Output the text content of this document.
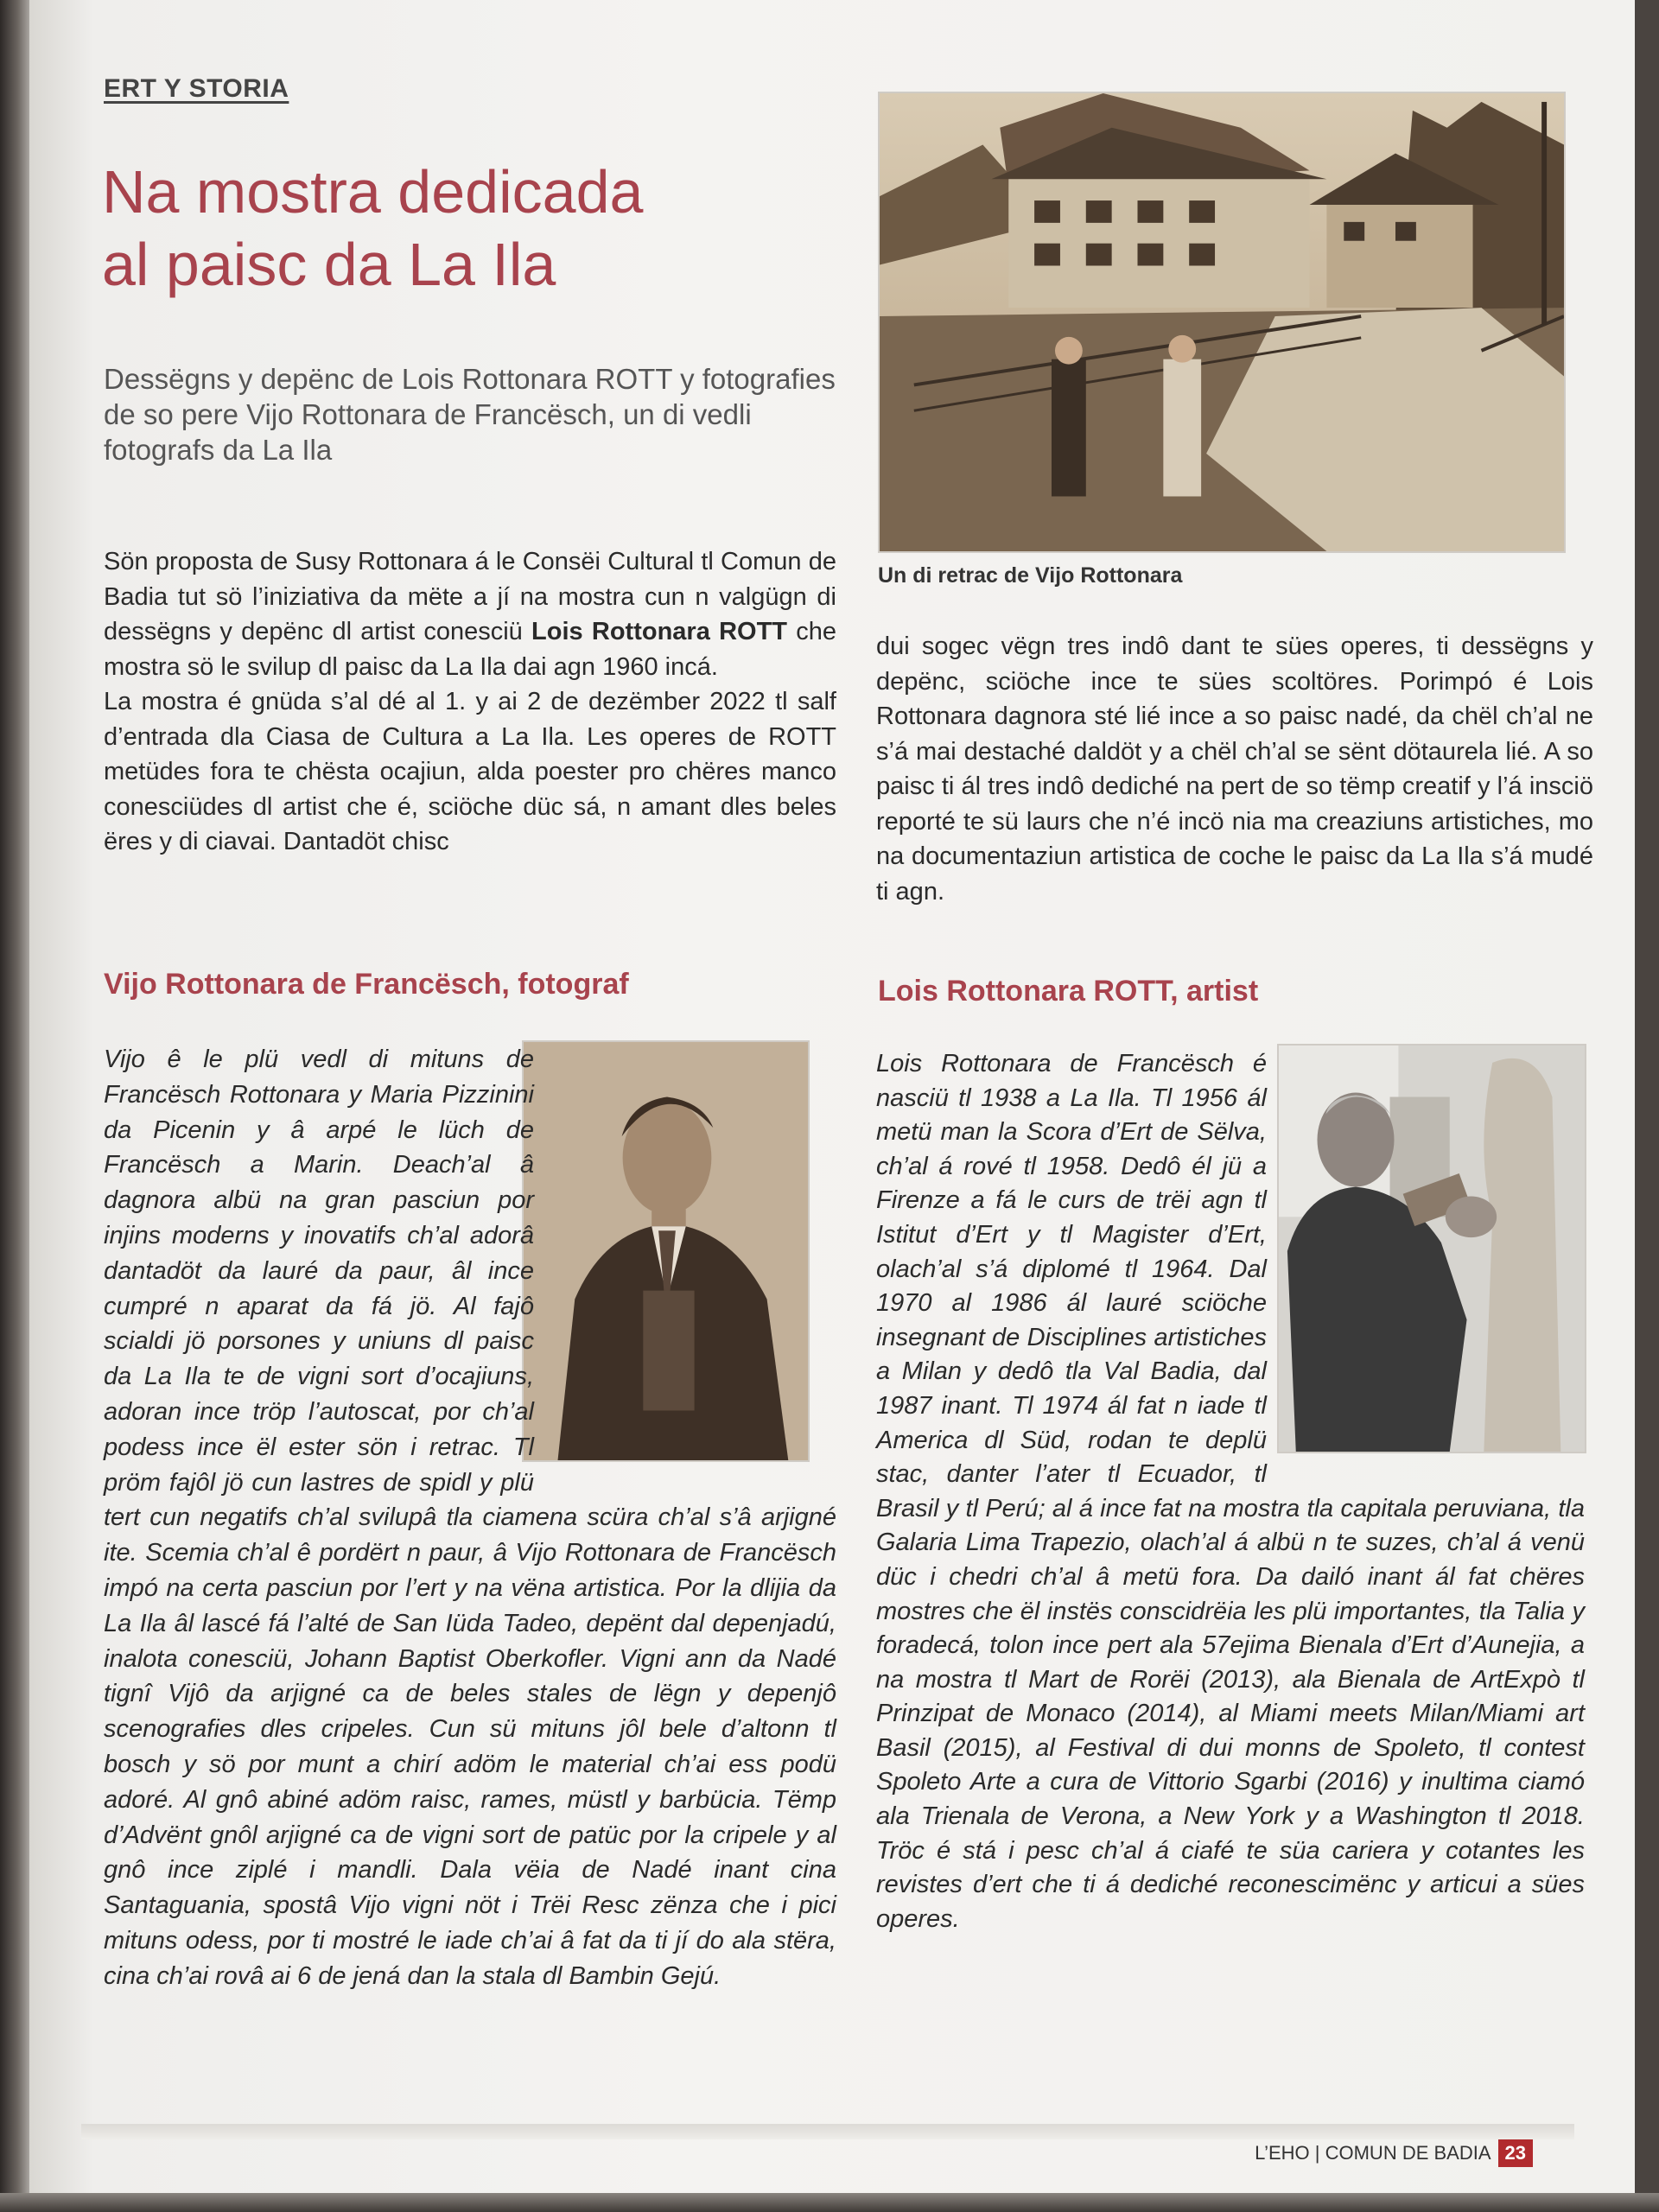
ERT Y STORIA
Na mostra dedicada
al paisc da La Ila
Dessëgns y depënc de Lois Rottonara ROTT y fotografies de so pere Vijo Rottonara de Francësch, un di vedli fotografs da La Ila

Sön proposta de Susy Rottonara á le Consëi Cultural tl Comun de Badia tut sö l’iniziativa da mëte a jí na mostra cun n valgügn di dessëgns y depënc dl artist conesciü Lois Rottonara ROTT che mostra sö le svilup dl paisc da La Ila dai agn 1960 incá.

La mostra é gnüda s’al dé al 1. y ai 2 de dezëmber 2022 tl salf d’entrada dla Ciasa de Cultura a La Ila. Les operes de ROTT metüdes fora te chësta ocajiun, alda poester pro chëres manco conesciüdes dl artist che é, sciöche düc sá, n amant dles beles ëres y di ciavai. Dantadöt chisc

Un di retrac de Vijo Rottonara

dui sogec vëgn tres indô dant te sües operes, ti dessëgns y depënc, sciöche ince te sües scoltöres. Porimpó é Lois Rottonara dagnora sté lié ince a so paisc nadé, da chël ch’al ne s’á mai destaché daldöt y a chël ch’al se sënt dötaurela lié. A so paisc ti ál tres indô dediché na pert de so tëmp creatif y l’á insciö reporté te sü laurs che n’é incö nia ma creaziuns artistiches, mo na documentaziun artistica de coche le paisc da La Ila s’á mudé ti agn.

Vijo Rottonara de Francësch, fotograf	Lois Rottonara ROTT, artist

Vijo ê le plü vedl di mituns de Francësch Rottonara y Maria Pizzinini da Picenin y â arpé le lüch de Francësch a Marin. Deach’al â dagnora albü na gran pasciun por injins moderns y inovatifs ch’al adorâ dantadöt da lauré da paur, âl ince cumpré n aparat da fá jö. Al fajô scialdi jö porsones y uniuns dl paisc da La Ila te de vigni sort d’ocajiuns, adoran ince tröp l’autoscat, por ch’al podess ince ël ester sön i retrac. Tl pröm fajôl jö cun lastres de spidl y plü tert cun negatifs ch’al svilupâ tla ciamena scüra ch’al s’â arjigné ite. Scemia ch’al ê pordërt n paur, â Vijo Rottonara de Francësch impó na certa pasciun por l’ert y na vëna artistica. Por la dlijia da La Ila âl lascé fá l’alté de San Iüda Tadeo, depënt dal depenjadú, inalota conesciü, Johann Baptist Oberkofler. Vigni ann da Nadé tignî Vijô da arjigné ca de beles stales de lëgn y depenjô scenografies dles cripeles. Cun sü mituns jôl bele d’altonn tl bosch y sö por munt a chirí adöm le material ch’ai ess podü adoré. Al gnô abiné adöm raisc, rames, müstl y barbücia. Tëmp d’Advënt gnôl arjigné ca de vigni sort de patüc por la cripele y al gnô ince ziplé i mandli. Dala vëia de Nadé inant cina Santaguania, spostâ Vijo vigni nöt i Trëi Resc zënza che i pici mituns odess, por ti mostré le iade ch’ai â fat da ti jí do ala stëra, cina ch’ai rovâ ai 6 de jená dan la stala dl Bambin Gejú.

Lois Rottonara de Francësch é nasciü tl 1938 a La Ila. Tl 1956 ál metü man la Scora d’Ert de Sëlva, ch’al á rové tl 1958. Dedô él jü a Firenze a fá le curs de trëi agn tl Istitut d’Ert y tl Magister d’Ert, olach’al s’á diplomé tl 1964. Dal 1970 al 1986 ál lauré sciöche insegnant de Disciplines artistiches a Milan y dedô tla Val Badia, dal 1987 inant. Tl 1974 ál fat n iade tl America dl Süd, rodan te deplü stac, danter l’ater tl Ecuador, tl Brasil y tl Perú; al á ince fat na mostra tla capitala peruviana, tla Galaria Lima Trapezio, olach’al á albü n te suzes, ch’al á venü düc i chedri ch’al â metü fora. Da dailó inant ál fat chëres mostres che ël instës conscidrëia les plü importantes, tla Talia y foradecá, tolon ince pert ala 57ejima Bienala d’Ert d’Aunejia, a na mostra tl Mart de Rorëi (2013), ala Bienala de ArtExpò tl Prinzipat de Monaco (2014), al Miami meets Milan/Miami art Basil (2015), al Festival di dui monns de Spoleto, tl contest Spoleto Arte a cura de Vittorio Sgarbi (2016) y inultima ciamó ala Trienala de Verona, a New York y a Washington tl 2018. Tröc é stá i pesc ch’al á ciafé te süa cariera y cotantes les revistes d’ert che ti á dediché reconescimënc y articui a sües operes.

L’EHO | COMUN DE BADIA 23
